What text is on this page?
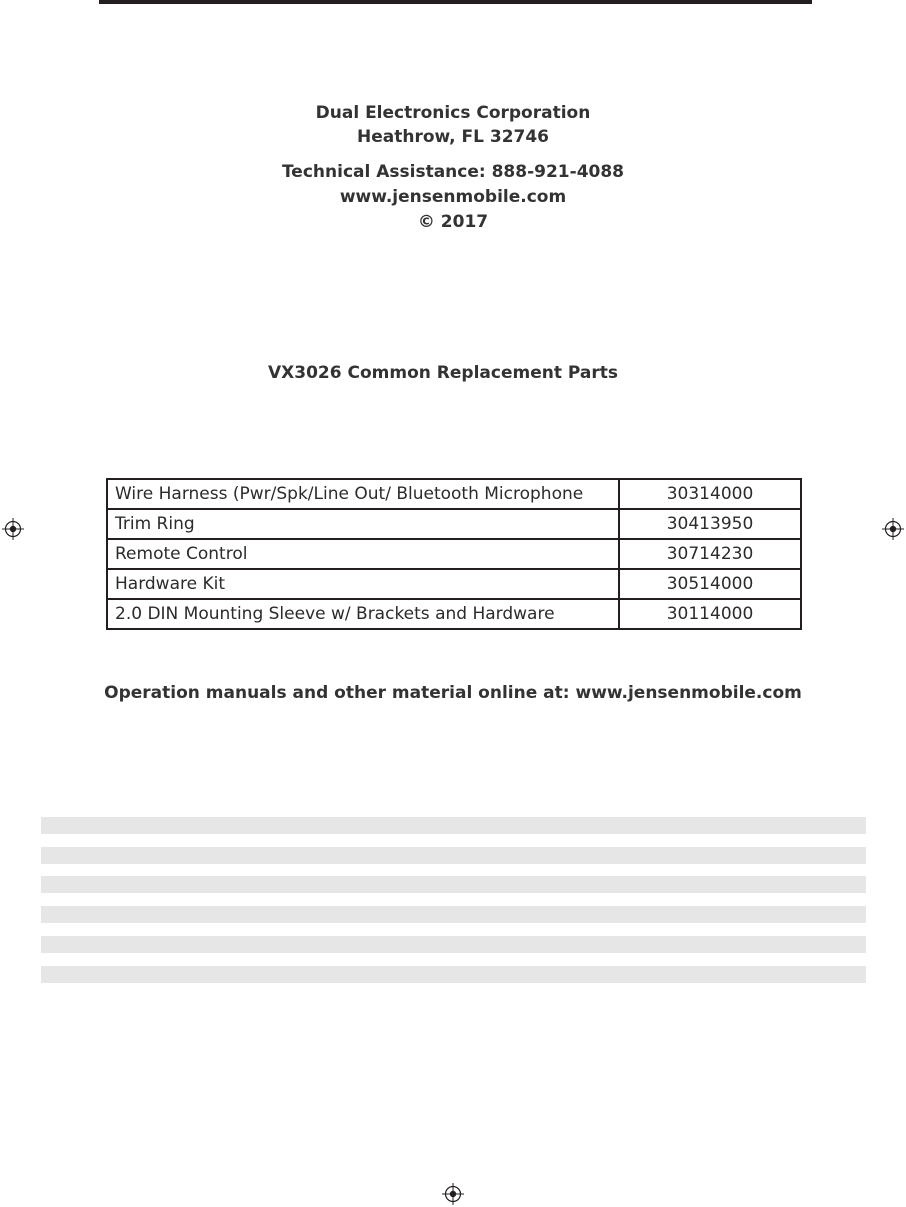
Dual Electronics Corporation
Heathrow, FL 32746
Technical Assistance: 888-921-4088
www.jensenmobile.com
© 2017
VX3026 Common Replacement Parts
Wire Harness (Pwr/Spk/Line Out/ Bluetooth Microphone	30314000
Trim Ring	30413950
Remote Control	30714230
Hardware Kit	30514000
2.0 DIN Mounting Sleeve w/ Brackets and Hardware	30114000
Operation manuals and other material online at: www.jensenmobile.com
